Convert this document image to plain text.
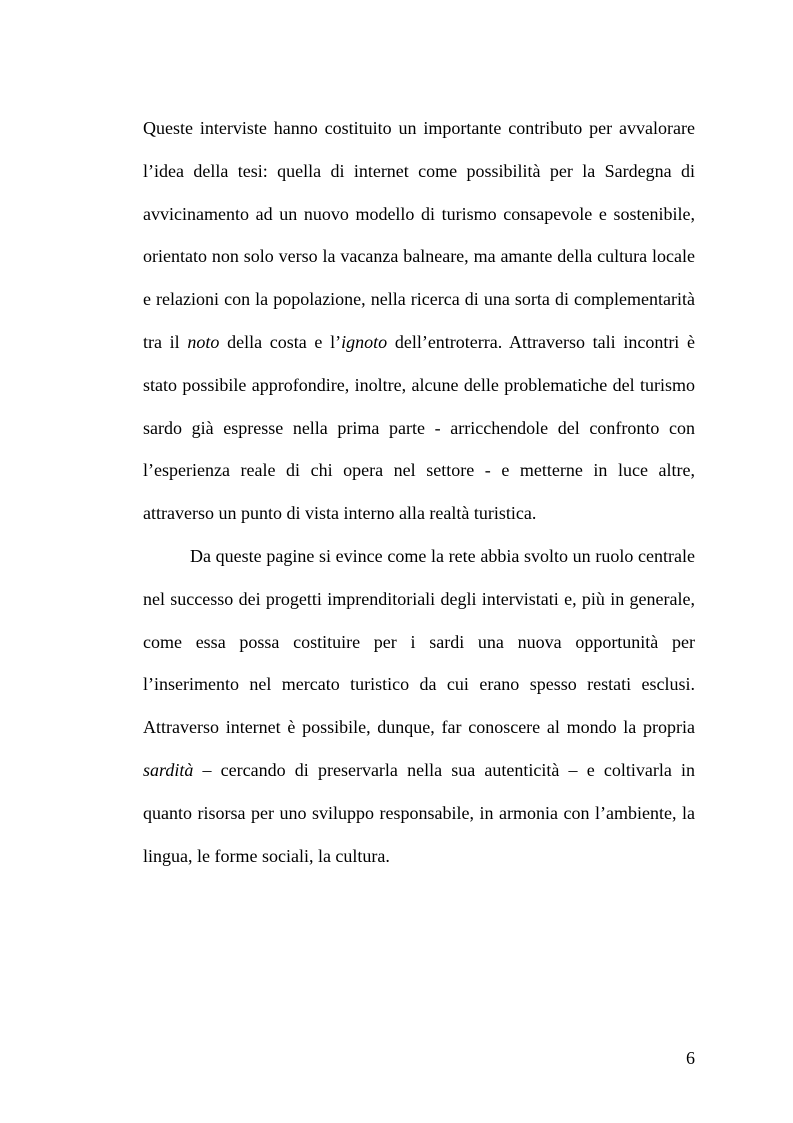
Queste interviste hanno costituito un importante contributo per avvalorare l’idea della tesi: quella di internet come possibilità per la Sardegna di avvicinamento ad un nuovo modello di turismo consapevole e sostenibile, orientato non solo verso la vacanza balneare, ma amante della cultura locale e relazioni con la popolazione, nella ricerca di una sorta di complementarità tra il noto della costa e l’ignoto dell’entroterra. Attraverso tali incontri è stato possibile approfondire, inoltre, alcune delle problematiche del turismo sardo già espresse nella prima parte - arricchendole del confronto con l’esperienza reale di chi opera nel settore - e metterne in luce altre, attraverso un punto di vista interno alla realtà turistica.

Da queste pagine si evince come la rete abbia svolto un ruolo centrale nel successo dei progetti imprenditoriali degli intervistati e, più in generale, come essa possa costituire per i sardi una nuova opportunità per l’inserimento nel mercato turistico da cui erano spesso restati esclusi. Attraverso internet è possibile, dunque, far conoscere al mondo la propria sardità – cercando di preservarla nella sua autenticità – e coltivarla in quanto risorsa per uno sviluppo responsabile, in armonia con l’ambiente, la lingua, le forme sociali, la cultura.

6
